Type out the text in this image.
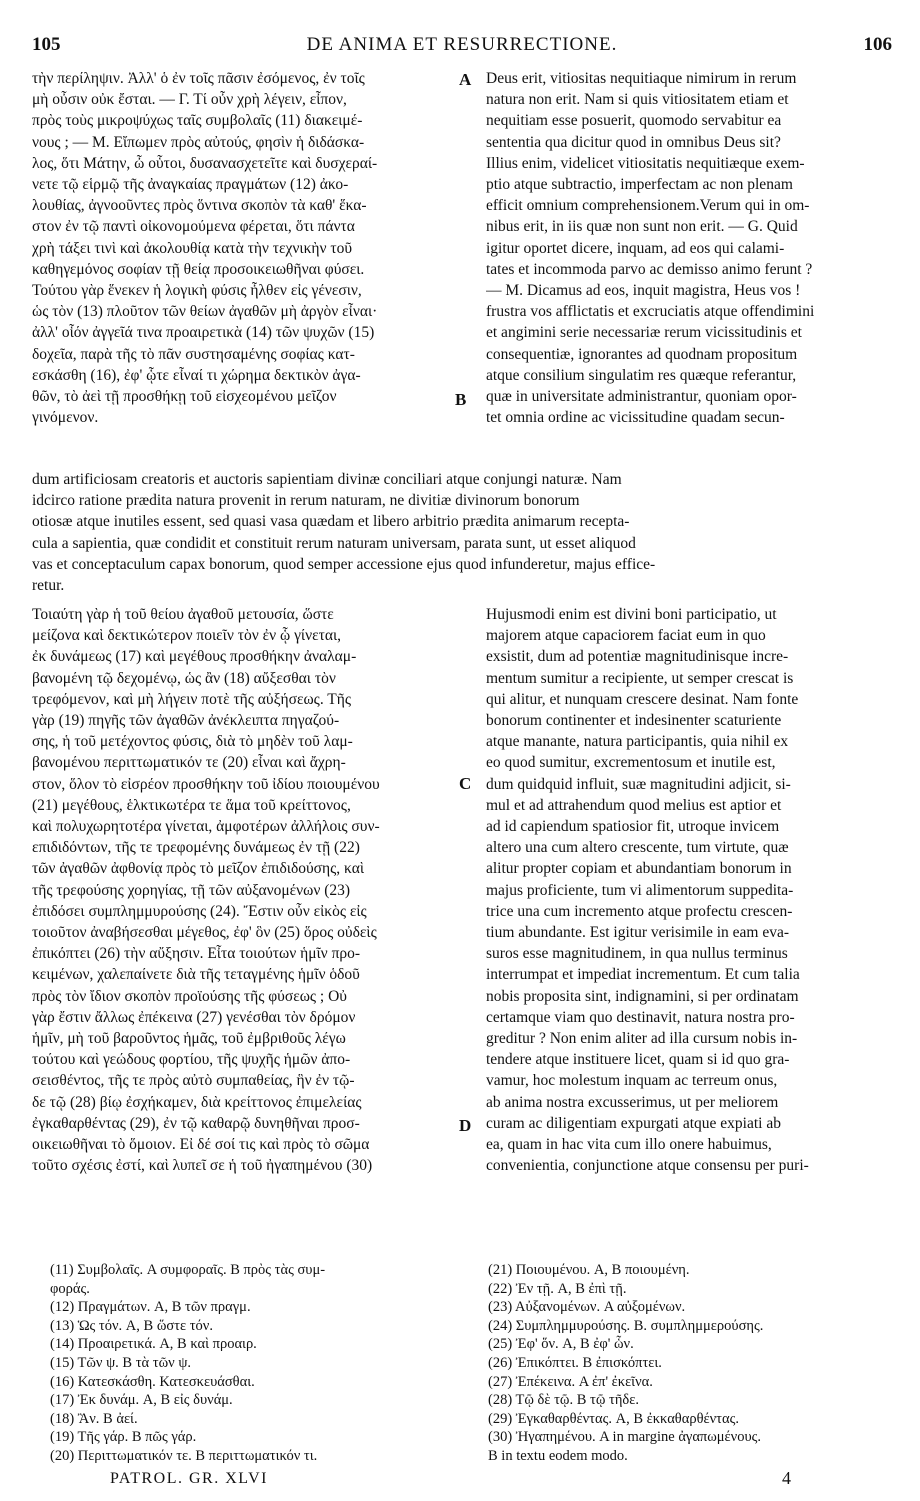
105	DE ANIMA ET RESURRECTIONE.	106

τὴν περίληψιν. Ἀλλ' ὁ ἐν τοῖς πᾶσιν ἐσόμενος, ἐν τοῖς

μὴ οὖσιν οὐκ ἔσται. — Γ. Τί οὖν χρὴ λέγειν, εἶπον,

πρὸς τοὺς μικροψύχως ταῖς συμβολαῖς (11) διακειμέ-

νους ; — Μ. Εἴπωμεν πρὸς αὐτούς, φησὶν ἡ διδάσκα-

λος, ὅτι Μάτην, ὦ οὗτοι, δυσανασχετεῖτε καὶ δυσχεραί-

νετε τῷ εἱρμῷ τῆς ἀναγκαίας πραγμάτων (12) ἀκο-

λουθίας, ἀγνοοῦντες πρὸς ὅντινα σκοπὸν τὰ καθ' ἕκα-

στον ἐν τῷ παντὶ οἰκονομούμενα φέρεται, ὅτι πάντα

χρὴ τάξει τινὶ καὶ ἀκολουθίᾳ κατὰ τὴν τεχνικὴν τοῦ

καθηγεμόνος σοφίαν τῇ θείᾳ προσοικειωθῆναι φύσει.

Τούτου γὰρ ἕνεκεν ἡ λογικὴ φύσις ἦλθεν εἰς γένεσιν,

ὡς τὸν (13) πλοῦτον τῶν θείων ἀγαθῶν μὴ ἀργὸν εἶναι·

ἀλλ' οἷόν ἀγγεῖά τινα προαιρετικὰ (14) τῶν ψυχῶν (15)

δοχεῖα, παρὰ τῆς τὸ πᾶν συστησαμένης σοφίας κατ-

εσκάσθη (16), ἐφ' ᾧτε εἶναί τι χώρημα δεκτικὸν ἀγα-

θῶν, τὸ ἀεὶ τῇ προσθήκῃ τοῦ εἰσχεομένου μεῖζον

γινόμενον.

Deus erit, vitiositas nequitiaque nimirum in rerum

natura non erit. Nam si quis vitiositatem etiam et

nequitiam esse posuerit, quomodo servabitur ea

sententia qua dicitur quod in omnibus Deus sit?

Illius enim, videlicet vitiositatis nequitiæque exem-

ptio atque subtractio, imperfectam ac non plenam

efficit omnium comprehensionem.Verum qui in om-

nibus erit, in iis quæ non sunt non erit. — G. Quid

igitur oportet dicere, inquam, ad eos qui calami-

tates et incommoda parvo ac demisso animo ferunt ?

— M. Dicamus ad eos, inquit magistra, Heus vos !

frustra vos afflictatis et excruciatis atque offendimini

et angimini serie necessariæ rerum vicissitudinis et

consequentiæ, ignorantes ad quodnam propositum

atque consilium singulatim res quæque referantur,

quæ in universitate administrantur, quoniam opor-

tet omnia ordine ac vicissitudine quadam secun-

A
B

dum artificiosam creatoris et auctoris sapientiam divinæ conciliari atque conjungi naturæ. Nam

idcirco ratione prædita natura provenit in rerum naturam, ne divitiæ divinorum bonorum

otiosæ atque inutiles essent, sed quasi vasa quædam et libero arbitrio prædita animarum recepta-

cula a sapientia, quæ condidit et constituit rerum naturam universam, parata sunt, ut esset aliquod

vas et conceptaculum capax bonorum, quod semper accessione ejus quod infunderetur, majus effice-

retur.

Τοιαύτη γὰρ ἡ τοῦ θείου ἀγαθοῦ μετουσία, ὥστε

μείζονα καὶ δεκτικώτερον ποιεῖν τὸν ἐν ᾧ γίνεται,

ἐκ δυνάμεως (17) καὶ μεγέθους προσθήκην ἀναλαμ-

βανομένη τῷ δεχομένῳ, ὡς ἂν (18) αὔξεσθαι τὸν

τρεφόμενον, καὶ μὴ λήγειν ποτὲ τῆς αὐξήσεως. Τῆς

γὰρ (19) πηγῆς τῶν ἀγαθῶν ἀνέκλειπτα πηγαζού-

σης, ἡ τοῦ μετέχοντος φύσις, διὰ τὸ μηδὲν τοῦ λαμ-

βανομένου περιττωματικόν τε (20) εἶναι καὶ ἄχρη-

στον, ὅλον τὸ εἰσρέον προσθήκην τοῦ ἰδίου ποιουμένου

(21) μεγέθους, ἑλκτικωτέρα τε ἅμα τοῦ κρείττονος,

καὶ πολυχωρητοτέρα γίνεται, ἀμφοτέρων ἀλλήλοις συν-

επιδιδόντων, τῆς τε τρεφομένης δυνάμεως ἐν τῇ (22)

τῶν ἀγαθῶν ἀφθονίᾳ πρὸς τὸ μεῖζον ἐπιδιδούσης, καὶ

τῆς τρεφούσης χορηγίας, τῇ τῶν αὐξανομένων (23)

ἐπιδόσει συμπλημμυρούσης (24). Ἔστιν οὖν εἰκὸς εἰς

τοιοῦτον ἀναβήσεσθαι μέγεθος, ἐφ' ὃν (25) ὅρος οὐδεὶς

ἐπικόπτει (26) τὴν αὔξησιν. Εἶτα τοιούτων ἡμῖν προ-

κειμένων, χαλεπαίνετε διὰ τῆς τεταγμένης ἡμῖν ὁδοῦ

πρὸς τὸν ἴδιον σκοπὸν προϊούσης τῆς φύσεως ; Οὐ

γὰρ ἔστιν ἄλλως ἐπέκεινα (27) γενέσθαι τὸν δρόμον

ἡμῖν, μὴ τοῦ βαροῦντος ἡμᾶς, τοῦ ἐμβριθοῦς λέγω

τούτου καὶ γεώδους φορτίου, τῆς ψυχῆς ἡμῶν ἀπο-

σεισθέντος, τῆς τε πρὸς αὐτὸ συμπαθείας, ἣν ἐν τῷ-

δε τῷ (28) βίῳ ἐσχήκαμεν, διὰ κρείττονος ἐπιμελείας

ἐγκαθαρθέντας (29), ἐν τῷ καθαρῷ δυνηθῆναι προσ-

οικειωθῆναι τὸ ὅμοιον. Εἰ δέ σοί τις καὶ πρὸς τὸ σῶμα

τοῦτο σχέσις ἐστί, καὶ λυπεῖ σε ἡ τοῦ ἠγαπημένου (30)

Hujusmodi enim est divini boni participatio, ut

majorem atque capaciorem faciat eum in quo

exsistit, dum ad potentiæ magnitudinisque incre-

mentum sumitur a recipiente, ut semper crescat is

qui alitur, et nunquam crescere desinat. Nam fonte

bonorum continenter et indesinenter scaturiente

atque manante, natura participantis, quia nihil ex

eo quod sumitur, excrementosum et inutile est,

dum quidquid influit, suæ magnitudini adjicit, si-

mul et ad attrahendum quod melius est aptior et

ad id capiendum spatiosior fit, utroque invicem

altero una cum altero crescente, tum virtute, quæ

alitur propter copiam et abundantiam bonorum in

majus proficiente, tum vi alimentorum suppedita-

trice una cum incremento atque profectu crescen-

tium abundante. Est igitur verisimile in eam eva-

suros esse magnitudinem, in qua nullus terminus

interrumpat et impediat incrementum. Et cum talia

nobis proposita sint, indignamini, si per ordinatam

certamque viam quo destinavit, natura nostra pro-

greditur ? Non enim aliter ad illa cursum nobis in-

tendere atque instituere licet, quam si id quo gra-

vamur, hoc molestum inquam ac terreum onus,

ab anima nostra excusserimus, ut per meliorem

curam ac diligentiam expurgati atque expiati ab

ea, quam in hac vita cum illo onere habuimus,

convenientia, conjunctione atque consensu per puri-

C
D

(11) Συμβολαῖς. A συμφοραῖς. B πρὸς τὰς συμ-

φοράς.

(12) Πραγμάτων. A, B τῶν πραγμ.

(13) Ὡς τόν. A, B ὥστε τόν.

(14) Προαιρετικά. A, B καὶ προαιρ.

(15) Τῶν ψ. B τὰ τῶν ψ.

(16) Κατεσκάσθη. Κατεσκευάσθαι.

(17) Ἐκ δυνάμ. A, B εἰς δυνάμ.

(18) Ἂν. B ἀεί.

(19) Τῆς γάρ. B πῶς γάρ.

(20) Περιττωματικόν τε. B περιττωματικόν τι.

(21) Ποιουμένου. A, B ποιουμένη.

(22) Ἐν τῇ. A, B ἐπὶ τῇ.

(23) Αὐξανομένων. A αὐξομένων.

(24) Συμπλημμυρούσης. B. συμπλημμερούσης.

(25) Ἐφ' ὅν. A, B ἐφ' ὧν.

(26) Ἐπικόπτει. B ἐπισκόπτει.

(27) Ἐπέκεινα. A ἐπ' ἐκεῖνα.

(28) Τῷ δὲ τῷ. B τῷ τῆδε.

(29) Ἐγκαθαρθέντας. A, B ἐκκαθαρθέντας.

(30) Ἠγαπημένου. A in margine ἀγαπωμένους.

B in textu eodem modo.

PATROL. GR. XLVI	4
